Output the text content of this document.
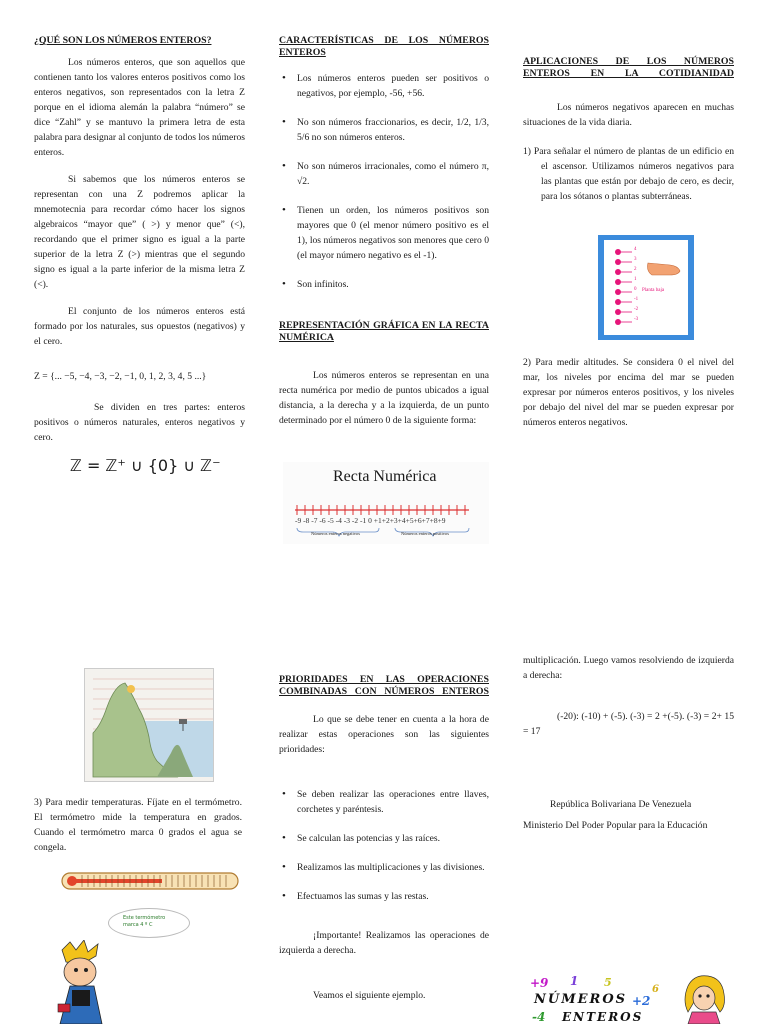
¿QUÉ SON LOS NÚMEROS ENTEROS?

Los números enteros, que son aquellos que contienen tanto los valores enteros positivos como los enteros negativos, son representados con la letra Z porque en el idioma alemán la palabra “número” se dice “Zahl” y se mantuvo la primera letra de esta palabra para designar al conjunto de todos los números enteros.

Si sabemos que los números enteros se representan con una Z podremos aplicar la mnemotecnia para recordar cómo hacer los signos algebraicos “mayor que” ( >) y menor que” (<), recordando que el primer signo es igual a la parte superior de la letra Z (>) mientras que el segundo signo es igual a la parte inferior de la misma letra Z (<).

El conjunto de los números enteros está formado por los naturales, sus opuestos (negativos) y el cero.

Z = {... −5, −4, −3, −2, −1, 0, 1, 2, 3, 4, 5 ...}

Se dividen en tres partes: enteros positivos o números naturales, enteros negativos y cero.

ℤ = ℤ⁺ ∪ {0} ∪ ℤ⁻

CARACTERÍSTICAS DE LOS NÚMEROS ENTEROS

• Los números enteros pueden ser positivos o negativos, por ejemplo, -56, +56.
• No son números fraccionarios, es decir, 1/2, 1/3, 5/6 no son números enteros.
• No son números irracionales, como el número π, √2.
• Tienen un orden, los números positivos son mayores que 0 (el menor número positivo es el 1), los números negativos son menores que cero 0 (el mayor número negativo es el -1).
• Son infinitos.

REPRESENTACIÓN GRÁFICA EN LA RECTA NUMÉRICA

Los números enteros se representan en una recta numérica por medio de puntos ubicados a igual distancia, a la derecha y a la izquierda, de un punto determinado por el número 0 de la siguiente forma:

Recta Numérica
-9 -8 -7 -6 -5 -4 -3 -2 -1 0 +1+2+3+4+5+6+7+8+9
Números enteros negativos	Números enteros positivos

APLICACIONES DE LOS NÚMEROS ENTEROS EN LA COTIDIANIDAD

Los números negativos aparecen en muchas situaciones de la vida diaria.

1) Para señalar el número de plantas de un edificio en el ascensor. Utilizamos números negativos para las plantas que están por debajo de cero, es decir, para los sótanos o plantas subterráneas.

4
3
2
1
0
-1
-2
-3
Planta baja

2) Para medir altitudes. Se considera 0 el nivel del mar, los niveles por encima del mar se pueden expresar por números enteros positivos, y los niveles por debajo del nivel del mar se pueden expresar por números enteros negativos.

3) Para medir temperaturas. Fíjate en el termómetro. El termómetro mide la temperatura en grados. Cuando el termómetro marca 0 grados el agua se congela.

Este termómetro marca 4 º C

PRIORIDADES EN LAS OPERACIONES COMBINADAS CON NÚMEROS ENTEROS

Lo que se debe tener en cuenta a la hora de realizar estas operaciones son las siguientes prioridades:

• Se deben realizar las operaciones entre llaves, corchetes y paréntesis.
• Se calculan las potencias y las raíces.
• Realizamos las multiplicaciones y las divisiones.
• Efectuamos las sumas y las restas.

¡Importante! Realizamos las operaciones de izquierda a derecha.

Veamos el siguiente ejemplo.

multiplicación. Luego vamos resolviendo de izquierda a derecha:

(-20): (-10) + (-5). (-3) = 2 +(-5). (-3) = 2+ 15 = 17

República Bolivariana De Venezuela

Ministerio Del Poder Popular para la Educación

+9 1 5
6
NÚMEROS +2
-4 ENTEROS
